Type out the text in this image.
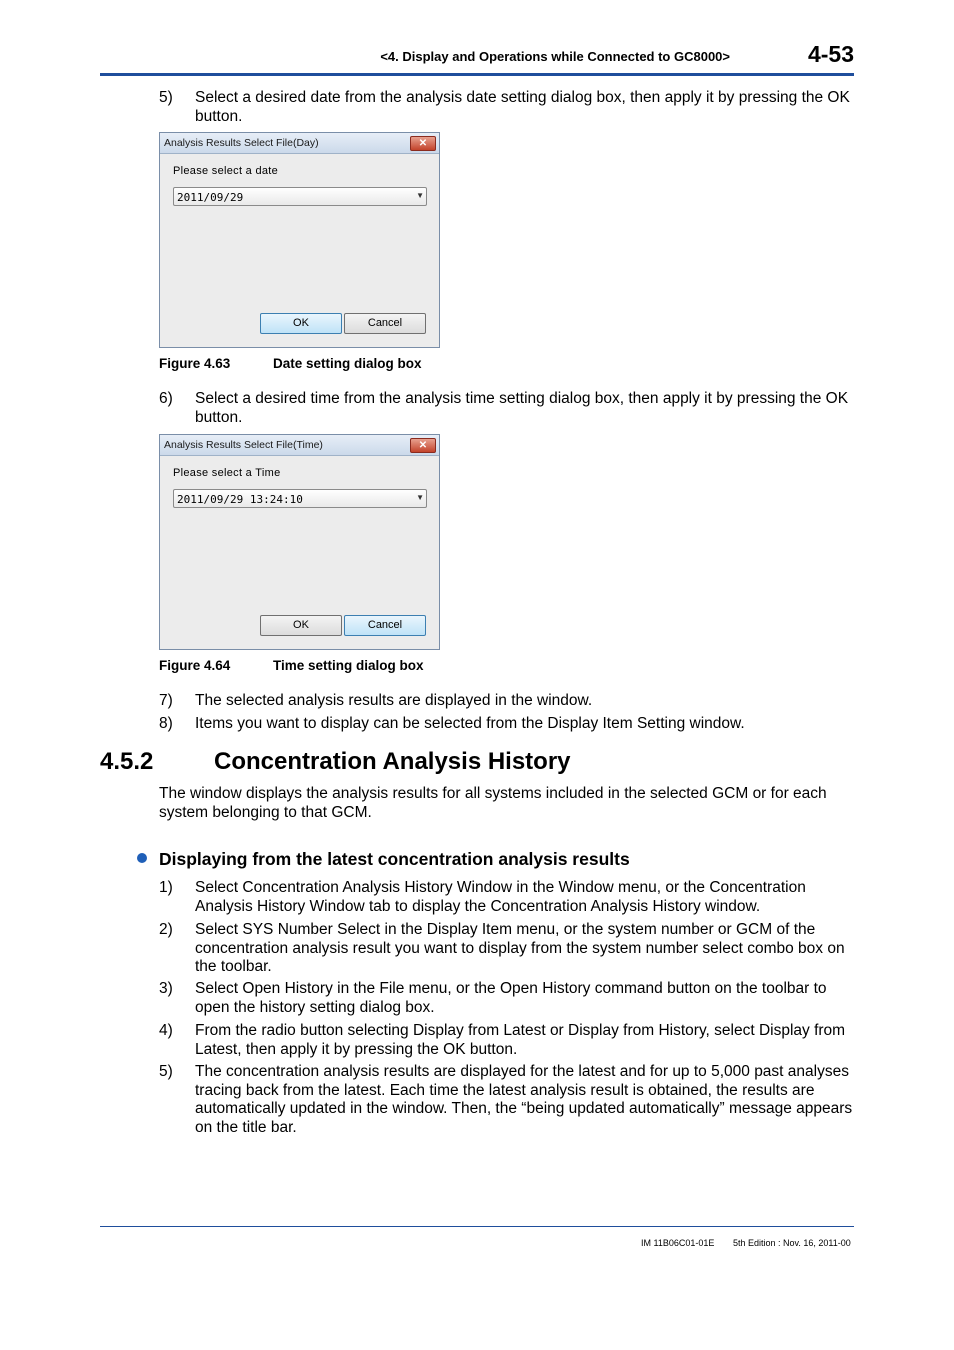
<4. Display and Operations while Connected to GC8000>	4-53
5) Select a desired date from the analysis date setting dialog box, then apply it by pressing the OK button.
Analysis Results Select File(Day)	✕
Please select a date
2011/09/29	▼
OK	Cancel
Figure 4.63	Date setting dialog box
6) Select a desired time from the analysis time setting dialog box, then apply it by pressing the OK button.
Analysis Results Select File(Time)	✕
Please select a Time
2011/09/29 13:24:10	▼
OK	Cancel
Figure 4.64	Time setting dialog box
7) The selected analysis results are displayed in the window.
8) Items you want to display can be selected from the Display Item Setting window.
4.5.2	Concentration Analysis History
The window displays the analysis results for all systems included in the selected GCM or for each system belonging to that GCM.
Displaying from the latest concentration analysis results
1) Select Concentration Analysis History Window in the Window menu, or the Concentration Analysis History Window tab to display the Concentration Analysis History window.
2) Select SYS Number Select in the Display Item menu, or the system number or GCM of the concentration analysis result you want to display from the system number select combo box on the toolbar.
3) Select Open History in the File menu, or the Open History command button on the toolbar to open the history setting dialog box.
4) From the radio button selecting Display from Latest or Display from History, select Display from Latest, then apply it by pressing the OK button.
5) The concentration analysis results are displayed for the latest and for up to 5,000 past analyses tracing back from the latest. Each time the latest analysis result is obtained, the results are automatically updated in the window. Then, the “being updated automatically” message appears on the title bar.
IM 11B06C01-01E 5th Edition : Nov. 16, 2011-00
